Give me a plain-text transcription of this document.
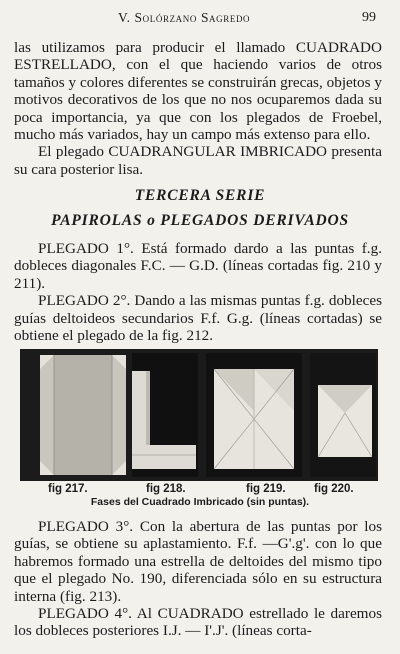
V. Solórzano Sagredo	99

las utilizamos para producir el llamado CUADRADO ESTRELLADO, con el que haciendo varios de otros tamaños y colores diferentes se construirán grecas, objetos y motivos decorativos de los que no nos ocuparemos dada su poca importancia, ya que con los plegados de Froebel, mucho más variados, hay un campo más extenso para ello.

El plegado CUADRANGULAR IMBRICADO presenta su cara posterior lisa.

TERCERA SERIE
PAPIROLAS o PLEGADOS DERIVADOS

PLEGADO 1°. Está formado dardo a las puntas f.g. dobleces diagonales F.C. — G.D. (líneas cortadas fig. 210 y 211).

PLEGADO 2°. Dando a las mismas puntas f.g. dobleces guías deltoideos secundarios F.f. G.g. (líneas cortadas) se obtiene el plegado de la fig. 212.

fig 217.	fig 218.	fig 219. fig 220.
Fases del Cuadrado Imbricado (sin puntas).

PLEGADO 3°. Con la abertura de las puntas por los guías, se obtiene su aplastamiento. F.f. —G'.g'. con lo que habremos formado una estrella de deltoides del mismo tipo que el plegado No. 190, diferenciada sólo en su estructura interna (fig. 213).

PLEGADO 4°. Al CUADRADO estrellado le daremos los dobleces posteriores I.J. — I'.J'. (líneas corta-
